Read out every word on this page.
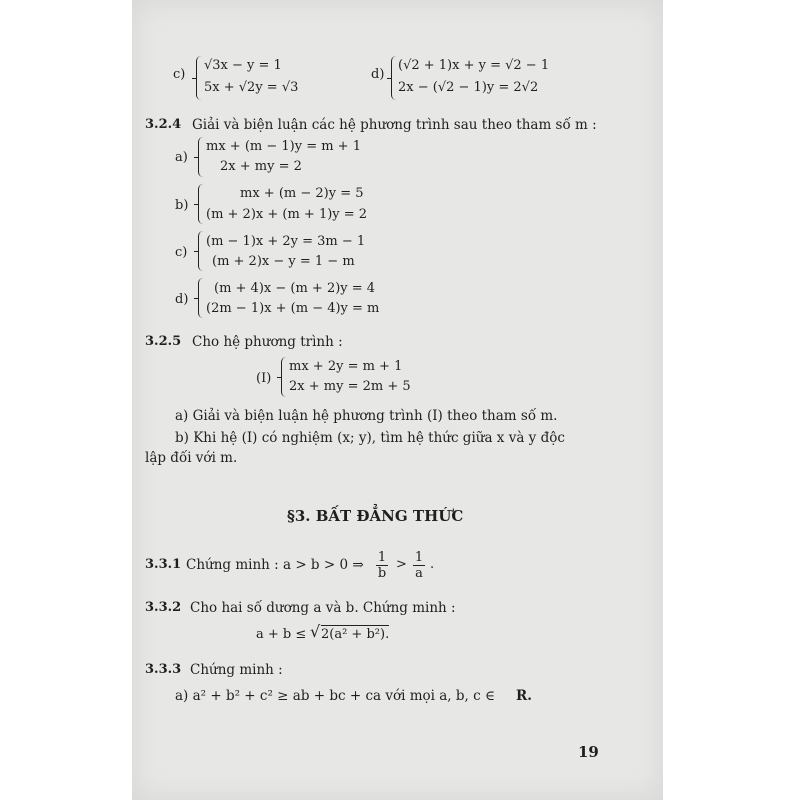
c)
√3x − y = 1
5x + √2y = √3
d)
(√2 + 1)x + y = √2 − 1
2x − (√2 − 1)y = 2√2
3.2.4 Giải và biện luận các hệ phương trình sau theo tham số m :
a)
mx + (m − 1)y = m + 1
2x + my = 2
b)
mx + (m − 2)y = 5
(m + 2)x + (m + 1)y = 2
c)
(m − 1)x + 2y = 3m − 1
(m + 2)x − y = 1 − m
d)
(m + 4)x − (m + 2)y = 4
(2m − 1)x + (m − 4)y = m
3.2.5 Cho hệ phương trình :
(I)
mx + 2y = m + 1
2x + my = 2m + 5
a) Giải và biện luận hệ phương trình (I) theo tham số m.
b) Khi hệ (I) có nghiệm (x; y), tìm hệ thức giữa x và y độc
lập đối với m.
§3. BẤT ĐẲNG THỨC
3.3.1 Chứng minh : a > b > 0 ⇒ $\frac{1}{b} > \frac{1}{a}$ .
3.3.2 Cho hai số dương a và b. Chứng minh :
a + b ≤ √ 2(a² + b²).
3.3.3 Chứng minh :
a) a² + b² + c² ≥ ab + bc + ca với mọi a, b, c ∈ R.
19
